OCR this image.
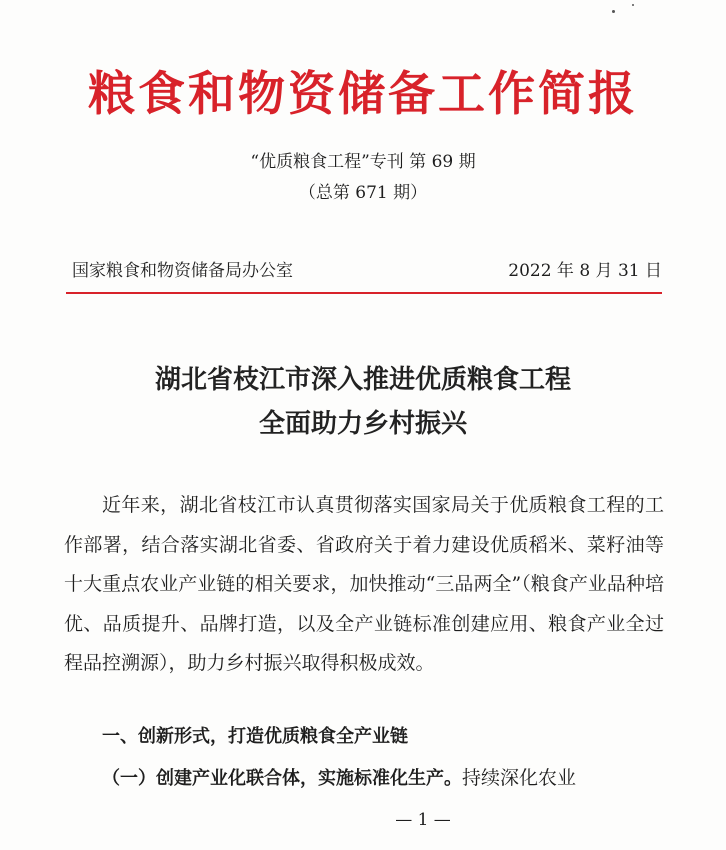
粮食和物资储备工作简报
“优质粮食工程”专刊 第 69 期
（总第 671 期）
国家粮食和物资储备局办公室	2022 年 8 月 31 日
湖北省枝江市深入推进优质粮食工程
全面助力乡村振兴

近年来，湖北省枝江市认真贯彻落实国家局关于优质粮食工程的工作部署，结合落实湖北省委、省政府关于着力建设优质稻米、菜籽油等十大重点农业产业链的相关要求，加快推动“三品两全”（粮食产业品种培优、品质提升、品牌打造，以及全产业链标准创建应用、粮食产业全过程品控溯源），助力乡村振兴取得积极成效。

一、创新形式，打造优质粮食全产业链
（一）创建产业化联合体，实施标准化生产。持续深化农业
— 1 —
